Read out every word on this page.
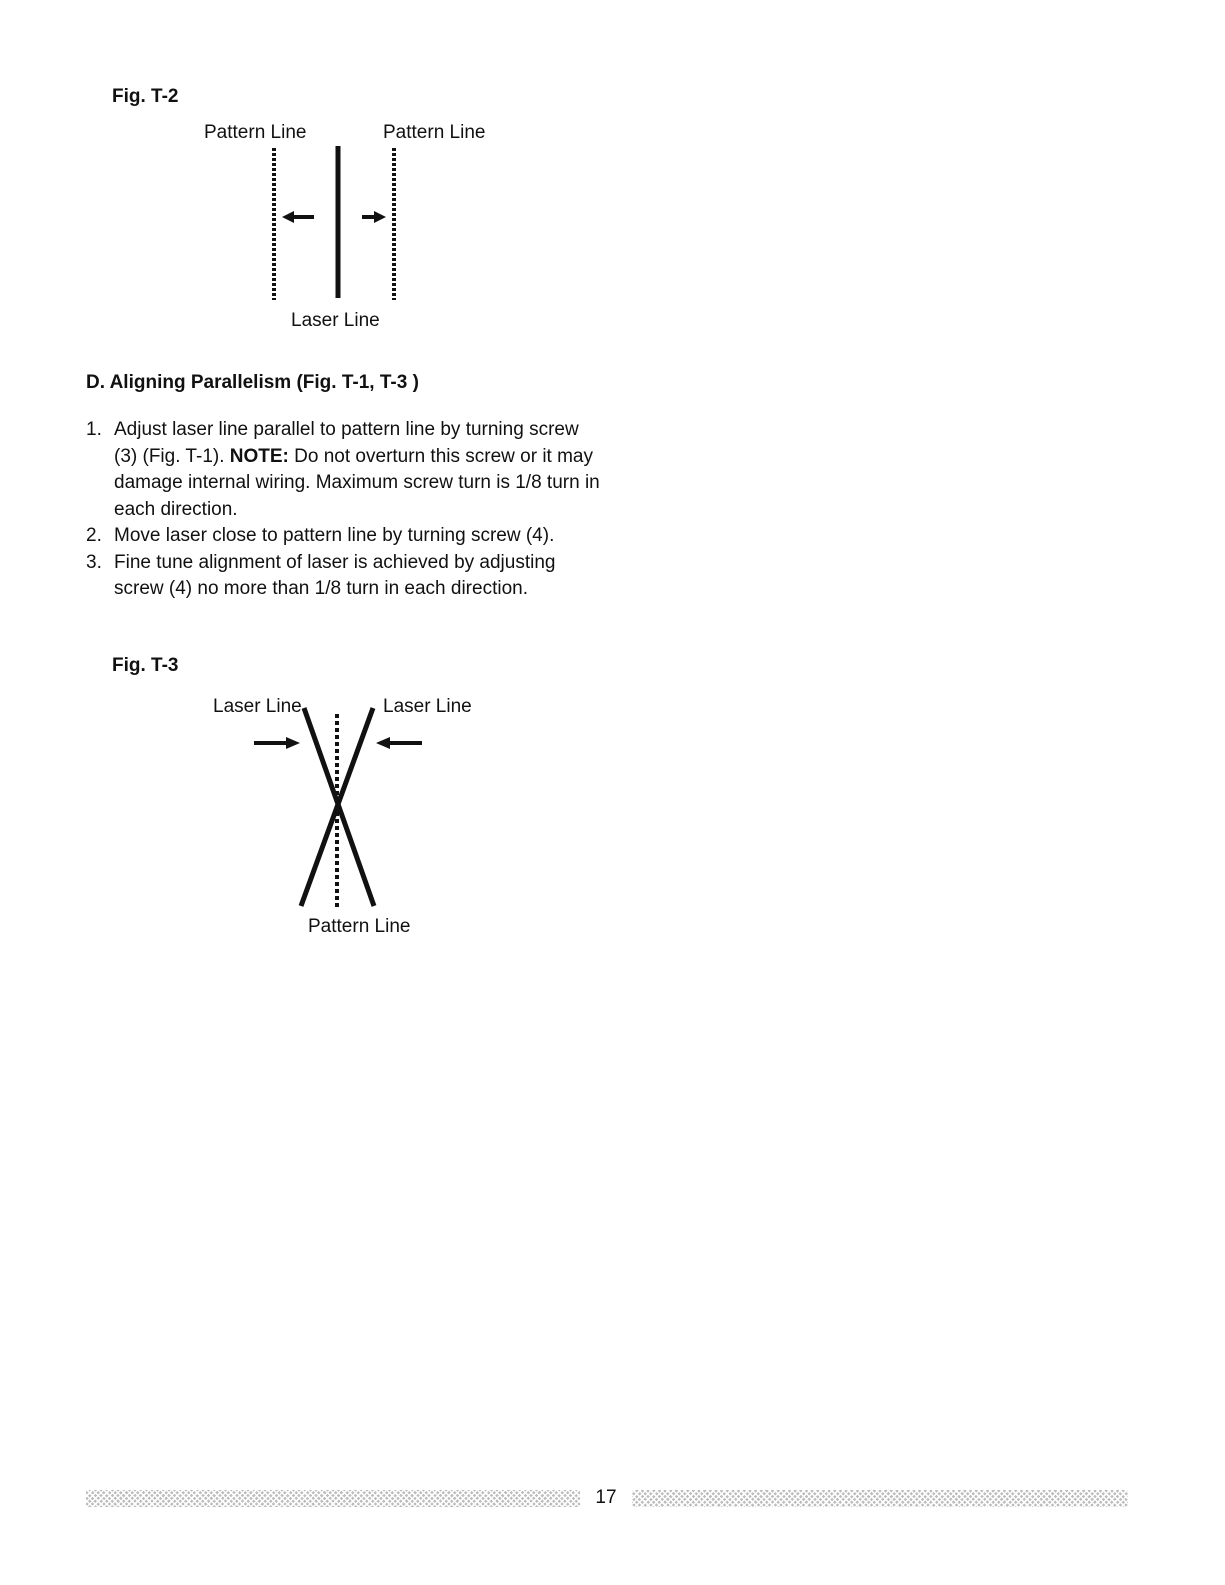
Fig. T-2
Pattern Line	Pattern Line
Laser Line
D. Aligning Parallelism (Fig. T-1, T-3 )
1. Adjust laser line parallel to pattern line by turning screw (3) (Fig. T-1). NOTE: Do not overturn this screw or it may damage internal wiring. Maximum screw turn is 1/8 turn in each direction.
2. Move laser close to pattern line by turning screw (4).
3. Fine tune alignment of laser is achieved by adjusting screw (4) no more than 1/8 turn in each direction.
Fig. T-3
Laser Line	Laser Line
Pattern Line
17
